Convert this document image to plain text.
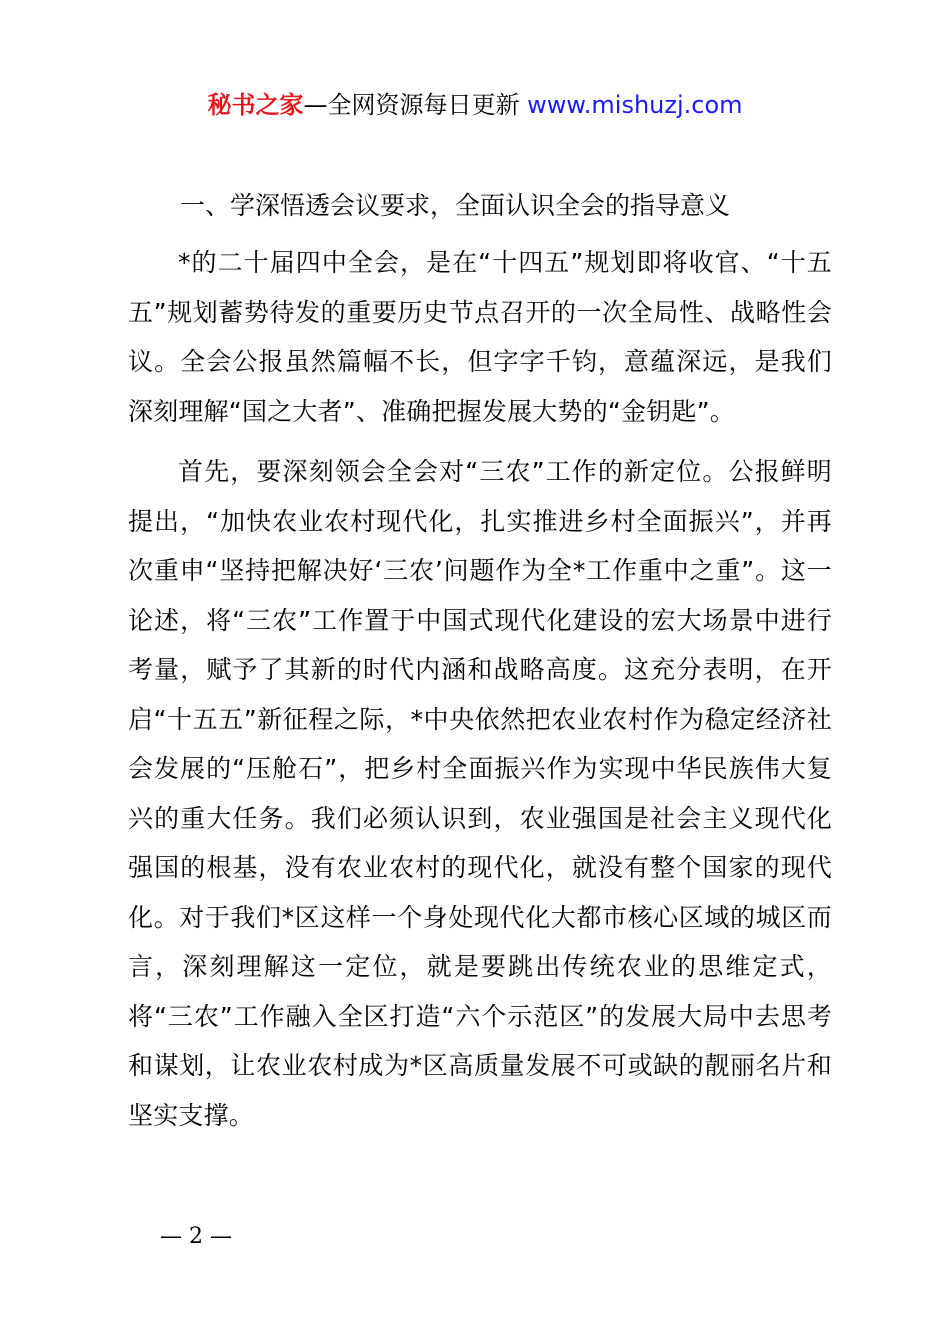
秘书之家—全网资源每日更新 www.mishuzj.com
一、学深悟透会议要求，全面认识全会的指导意义

*的二十届四中全会，是在“十四五”规划即将收官、“十五五”规划蓄势待发的重要历史节点召开的一次全局性、战略性会议。全会公报虽然篇幅不长，但字字千钧，意蕴深远，是我们深刻理解“国之大者”、准确把握发展大势的“金钥匙”。

首先，要深刻领会全会对“三农”工作的新定位。公报鲜明提出，“加快农业农村现代化，扎实推进乡村全面振兴”，并再次重申“坚持把解决好‘三农’问题作为全*工作重中之重”。这一论述，将“三农”工作置于中国式现代化建设的宏大场景中进行考量，赋予了其新的时代内涵和战略高度。这充分表明，在开启“十五五”新征程之际，*中央依然把农业农村作为稳定经济社会发展的“压舱石”，把乡村全面振兴作为实现中华民族伟大复兴的重大任务。我们必须认识到，农业强国是社会主义现代化强国的根基，没有农业农村的现代化，就没有整个国家的现代化。对于我们*区这样一个身处现代化大都市核心区域的城区而言，深刻理解这一定位，就是要跳出传统农业的思维定式，将“三农”工作融入全区打造“六个示范区”的发展大局中去思考和谋划，让农业农村成为*区高质量发展不可或缺的靓丽名片和坚实支撑。

— 2 —
